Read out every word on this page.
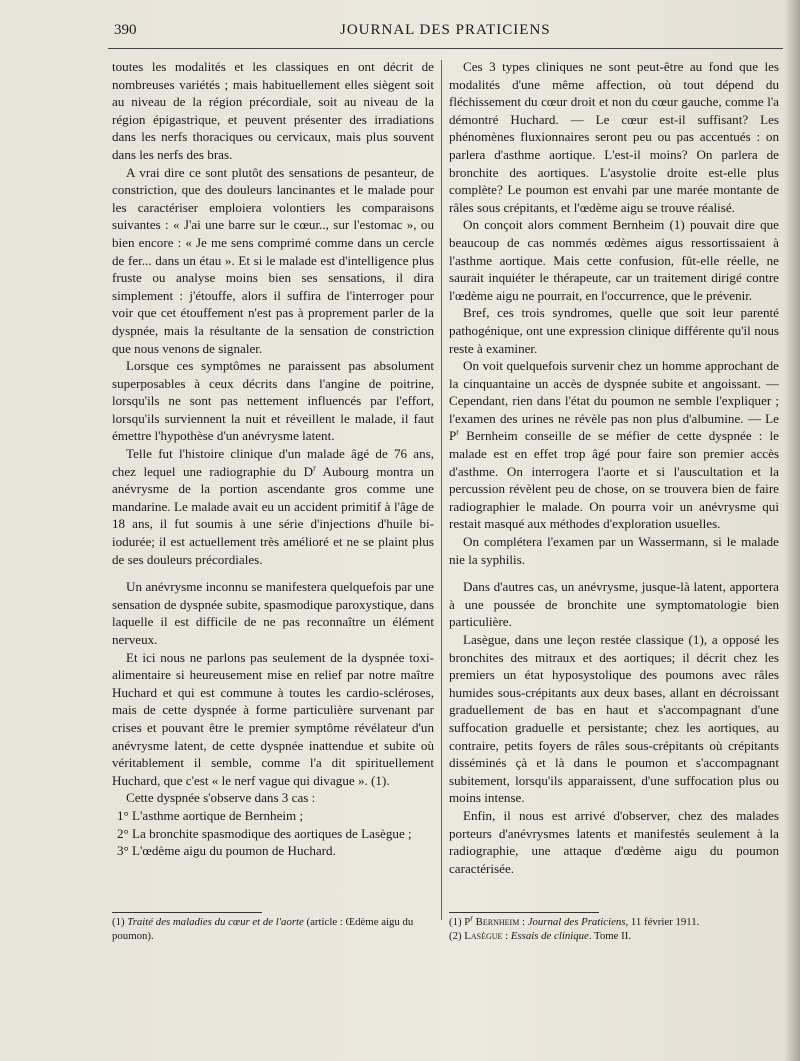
390	JOURNAL DES PRATICIENS

toutes les modalités et les classiques en ont décrit de nombreuses variétés ; mais habituellement elles siègent soit au niveau de la région précordiale, soit au niveau de la région épigastrique, et peuvent présenter des irradiations dans les nerfs thoraciques ou cervicaux, mais plus souvent dans les nerfs des bras.

A vrai dire ce sont plutôt des sensations de pesanteur, de constriction, que des douleurs lancinantes et le malade pour les caractériser emploiera volontiers les comparaisons suivantes : « J'ai une barre sur le cœur.., sur l'estomac », ou bien encore : « Je me sens comprimé comme dans un cercle de fer... dans un étau ». Et si le malade est d'intelligence plus fruste ou analyse moins bien ses sensations, il dira simplement : j'étouffe, alors il suffira de l'interroger pour voir que cet étouffement n'est pas à proprement parler de la dyspnée, mais la résultante de la sensation de constriction que nous venons de signaler.

Lorsque ces symptômes ne paraissent pas absolument superposables à ceux décrits dans l'angine de poitrine, lorsqu'ils ne sont pas nettement influencés par l'effort, lorsqu'ils surviennent la nuit et réveillent le malade, il faut émettre l'hypothèse d'un anévrysme latent.

Telle fut l'histoire clinique d'un malade âgé de 76 ans, chez lequel une radiographie du $D^r$ Aubourg montra un anévrysme de la portion ascendante gros comme une mandarine. Le malade avait eu un accident primitif à l'âge de 18 ans, il fut soumis à une série d'injections d'huile bi-iodurée; il est actuellement très amélioré et ne se plaint plus de ses douleurs précordiales.

Un anévrysme inconnu se manifestera quelquefois par une sensation de dyspnée subite, spasmodique paroxystique, dans laquelle il est difficile de ne pas reconnaître un élément nerveux.

Et ici nous ne parlons pas seulement de la dyspnée toxi-alimentaire si heureusement mise en relief par notre maître Huchard et qui est commune à toutes les cardio-scléroses, mais de cette dyspnée à forme particulière survenant par crises et pouvant être le premier symptôme révélateur d'un anévrysme latent, de cette dyspnée inattendue et subite où véritablement il semble, comme l'a dit spirituellement Huchard, que c'est « le nerf vague qui divague ». (1).

Cette dyspnée s'observe dans 3 cas :

1° L'asthme aortique de Bernheim ;

2° La bronchite spasmodique des aortiques de Lasègue ;

3° L'œdème aigu du poumon de Huchard.

Ces 3 types cliniques ne sont peut-être au fond que les modalités d'une même affection, où tout dépend du fléchissement du cœur droit et non du cœur gauche, comme l'a démontré Huchard. — Le cœur est-il suffisant? Les phénomènes fluxionnaires seront peu ou pas accentués : on parlera d'asthme aortique. L'est-il moins? On parlera de bronchite des aortiques. L'asystolie droite est-elle plus complète? Le poumon est envahi par une marée montante de râles sous crépitants, et l'œdème aigu se trouve réalisé.

On conçoit alors comment Bernheim (1) pouvait dire que beaucoup de cas nommés œdèmes aigus ressortissaient à l'asthme aortique. Mais cette confusion, fût-elle réelle, ne saurait inquiéter le thérapeute, car un traitement dirigé contre l'œdème aigu ne pourrait, en l'occurrence, que le prévenir.

Bref, ces trois syndromes, quelle que soit leur parenté pathogénique, ont une expression clinique différente qu'il nous reste à examiner.

On voit quelquefois survenir chez un homme approchant de la cinquantaine un accès de dyspnée subite et angoissant. — Cependant, rien dans l'état du poumon ne semble l'expliquer ; l'examen des urines ne révèle pas non plus d'albumine. — Le $P^r$ Bernheim conseille de se méfier de cette dyspnée : le malade est en effet trop âgé pour faire son premier accès d'asthme. On interrogera l'aorte et si l'auscultation et la percussion révèlent peu de chose, on se trouvera bien de faire radiographier le malade. On pourra voir un anévrysme qui restait masqué aux méthodes d'exploration usuelles.

On complétera l'examen par un Wassermann, si le malade nie la syphilis.

Dans d'autres cas, un anévrysme, jusque-là latent, apportera à une poussée de bronchite une symptomatologie bien particulière.

Lasègue, dans une leçon restée classique (1), a opposé les bronchites des mitraux et des aortiques; il décrit chez les premiers un état hyposystolique des poumons avec râles humides sous-crépitants aux deux bases, allant en décroissant graduellement de bas en haut et s'accompagnant d'une suffocation graduelle et persistante; chez les aortiques, au contraire, petits foyers de râles sous-crépitants où crépitants disséminés çà et là dans le poumon et s'accompagnant subitement, lorsqu'ils apparaissent, d'une suffocation plus ou moins intense.

Enfin, il nous est arrivé d'observer, chez des malades porteurs d'anévrysmes latents et manifestés seulement à la radiographie, une attaque d'œdème aigu du poumon caractérisée.

(1) Traité des maladies du cœur et de l'aorte (article : Œdème aigu du poumon).

(1) $P^r$ Bernheim : Journal des Praticiens, 11 février 1911.

(2) Lasègue : Essais de clinique. Tome II.
